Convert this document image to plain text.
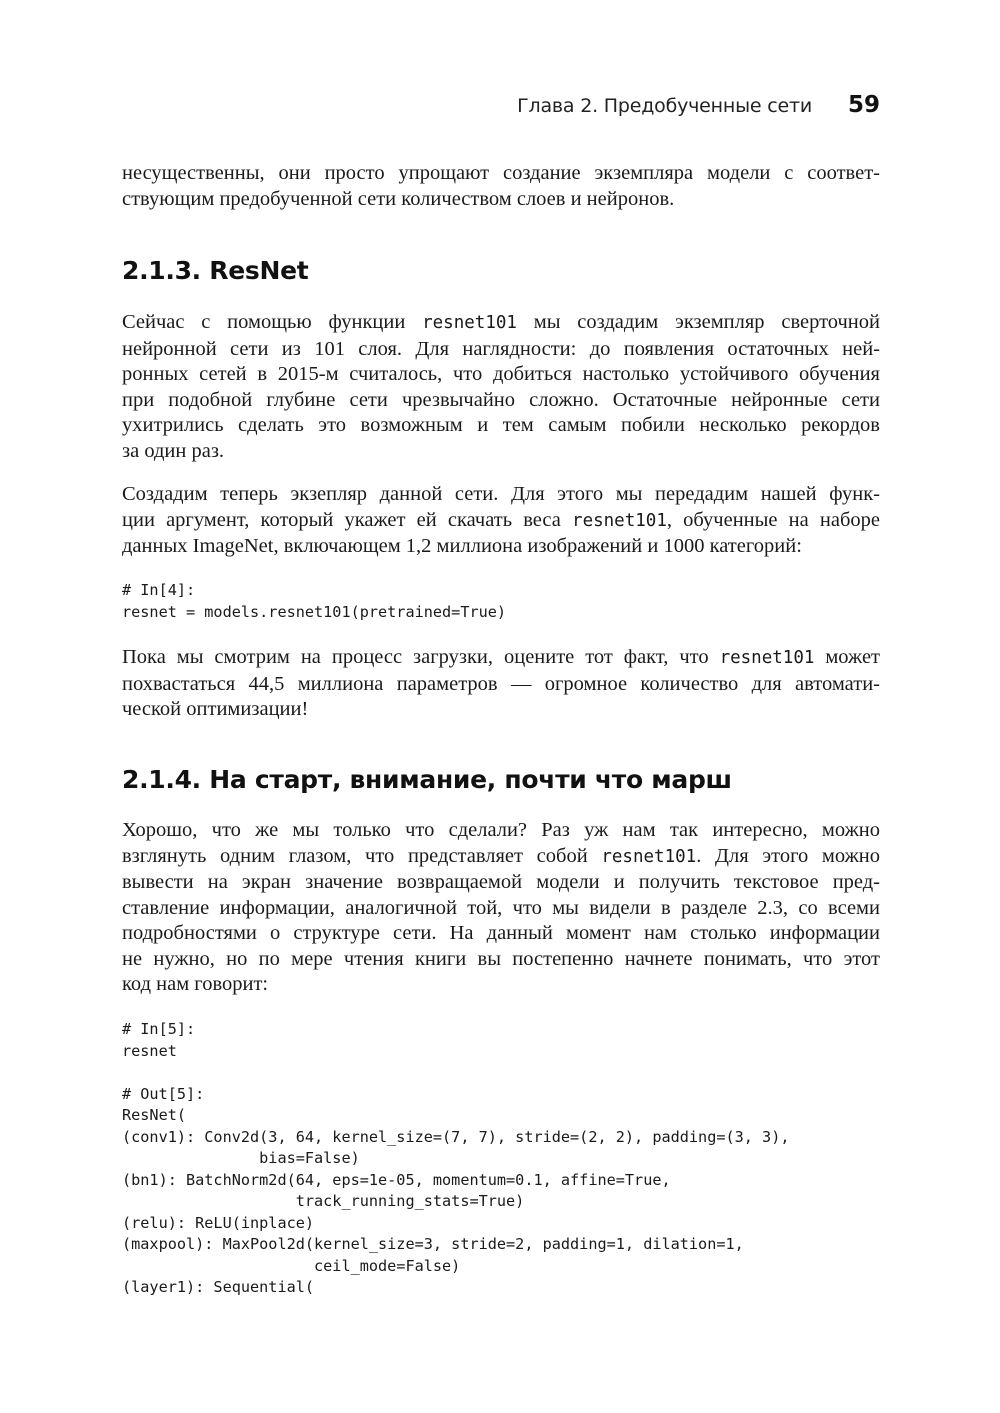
Глава 2. Предобученные сети 59

несущественны, они просто упрощают создание экземпляра модели с соответ-
ствующим предобученной сети количеством слоев и нейронов.

2.1.3. ResNet

Сейчас с помощью функции resnet101 мы создадим экземпляр сверточной
нейронной сети из 101 слоя. Для наглядности: до появления остаточных ней-
ронных сетей в 2015-м считалось, что добиться настолько устойчивого обучения
при подобной глубине сети чрезвычайно сложно. Остаточные нейронные сети
ухитрились сделать это возможным и тем самым побили несколько рекордов
за один раз.

Создадим теперь экзепляр данной сети. Для этого мы передадим нашей функ-
ции аргумент, который укажет ей скачать веса resnet101, обученные на наборе
данных ImageNet, включающем 1,2 миллиона изображений и 1000 категорий:

# In[4]:
resnet = models.resnet101(pretrained=True)

Пока мы смотрим на процесс загрузки, оцените тот факт, что resnet101 может
похвастаться 44,5 миллиона параметров — огромное количество для автомати-
ческой оптимизации!

2.1.4. На старт, внимание, почти что марш

Хорошо, что же мы только что сделали? Раз уж нам так интересно, можно
взглянуть одним глазом, что представляет собой resnet101. Для этого можно
вывести на экран значение возвращаемой модели и получить текстовое пред-
ставление информации, аналогичной той, что мы видели в разделе 2.3, со всеми
подробностями о структуре сети. На данный момент нам столько информации
не нужно, но по мере чтения книги вы постепенно начнете понимать, что этот
код нам говорит:

# In[5]:
resnet

# Out[5]:
ResNet(
(conv1): Conv2d(3, 64, kernel_size=(7, 7), stride=(2, 2), padding=(3, 3),
bias=False)
(bn1): BatchNorm2d(64, eps=1e-05, momentum=0.1, affine=True,
track_running_stats=True)
(relu): ReLU(inplace)
(maxpool): MaxPool2d(kernel_size=3, stride=2, padding=1, dilation=1,
ceil_mode=False)
(layer1): Sequential(
